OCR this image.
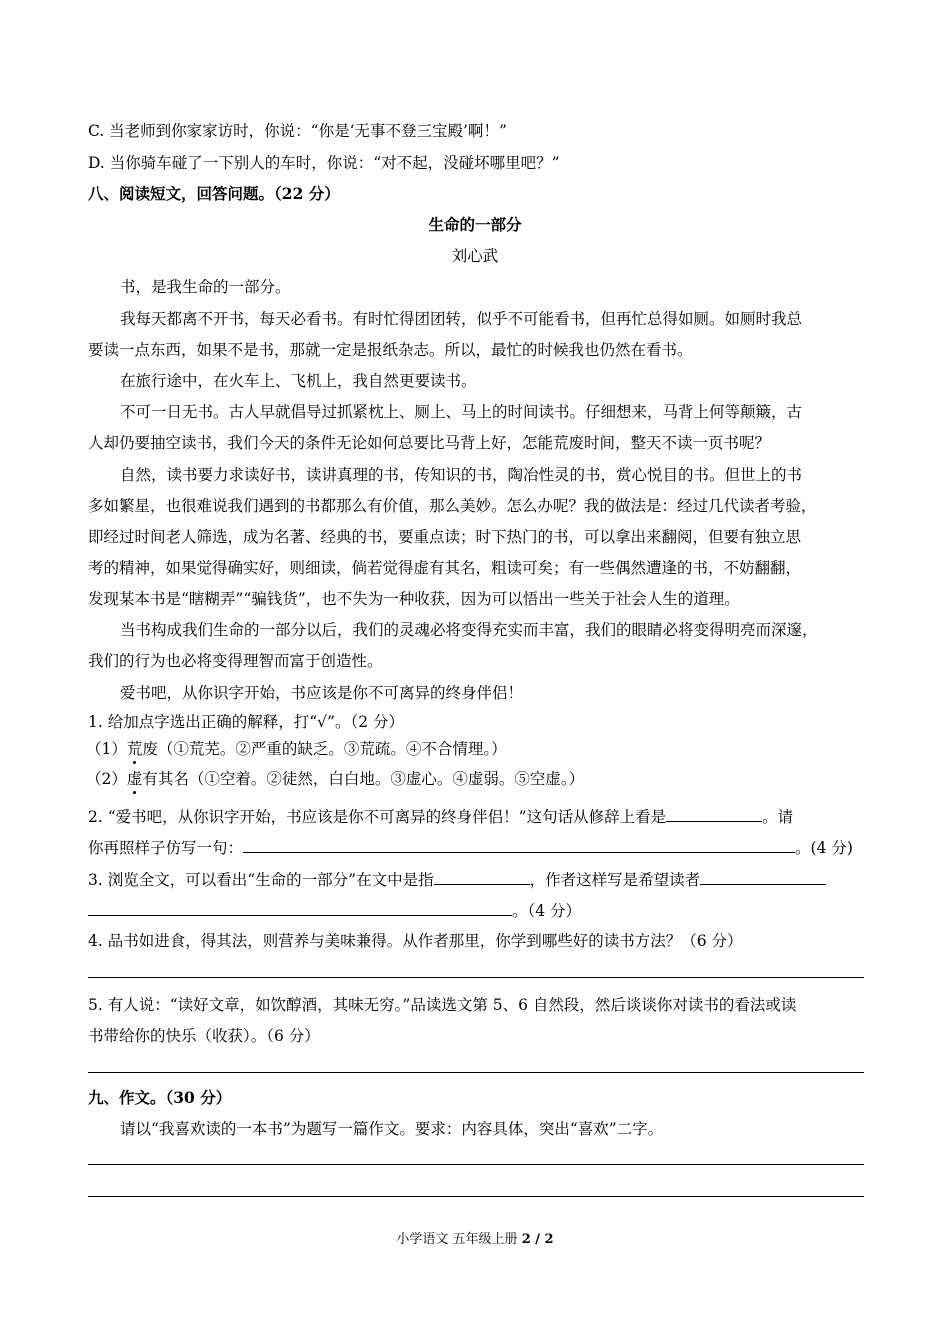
C. 当老师到你家家访时，你说：“你是‘无事不登三宝殿’啊！”
D. 当你骑车碰了一下别人的车时，你说：“对不起，没碰坏哪里吧？”
八、阅读短文，回答问题。（22 分）
生命的一部分
刘心武
书，是我生命的一部分。
我每天都离不开书，每天必看书。有时忙得团团转，似乎不可能看书，但再忙总得如厕。如厕时我总
要读一点东西，如果不是书，那就一定是报纸杂志。所以，最忙的时候我也仍然在看书。
在旅行途中，在火车上、飞机上，我自然更要读书。
不可一日无书。古人早就倡导过抓紧枕上、厕上、马上的时间读书。仔细想来，马背上何等颠簸，古
人却仍要抽空读书，我们今天的条件无论如何总要比马背上好，怎能荒废时间，整天不读一页书呢？
自然，读书要力求读好书，读讲真理的书，传知识的书，陶冶性灵的书，赏心悦目的书。但世上的书
多如繁星，也很难说我们遇到的书都那么有价值，那么美妙。怎么办呢？我的做法是：经过几代读者考验，
即经过时间老人筛选，成为名著、经典的书，要重点读；时下热门的书，可以拿出来翻阅，但要有独立思
考的精神，如果觉得确实好，则细读，倘若觉得虚有其名，粗读可矣；有一些偶然遭逢的书，不妨翻翻，
发现某本书是“瞎糊弄”“骗钱货”，也不失为一种收获，因为可以悟出一些关于社会人生的道理。
当书构成我们生命的一部分以后，我们的灵魂必将变得充实而丰富，我们的眼睛必将变得明亮而深邃，
我们的行为也必将变得理智而富于创造性。
爱书吧，从你识字开始，书应该是你不可离异的终身伴侣！
1. 给加点字选出正确的解释，打“√”。（2 分）
（1）荒废（①荒芜。②严重的缺乏。③荒疏。④不合情理。）
（2）虚有其名（①空着。②徒然，白白地。③虚心。④虚弱。⑤空虚。）
2. “爱书吧，从你识字开始，书应该是你不可离异的终身伴侣！”这句话从修辞上看是	。请
你再照样子仿写一句：	。(4 分)
3. 浏览全文，可以看出“生命的一部分”在文中是指	，作者这样写是希望读者
。（4 分）
4. 品书如进食，得其法，则营养与美味兼得。从作者那里，你学到哪些好的读书方法？（6 分）
5. 有人说：“读好文章，如饮醇酒，其味无穷。”品读选文第 5、6 自然段，然后谈谈你对读书的看法或读
书带给你的快乐（收获）。（6 分）
九、作文。（30 分）
请以“我喜欢读的一本书”为题写一篇作文。要求：内容具体，突出“喜欢”二字。
小学语文 五年级上册 2 / 2
